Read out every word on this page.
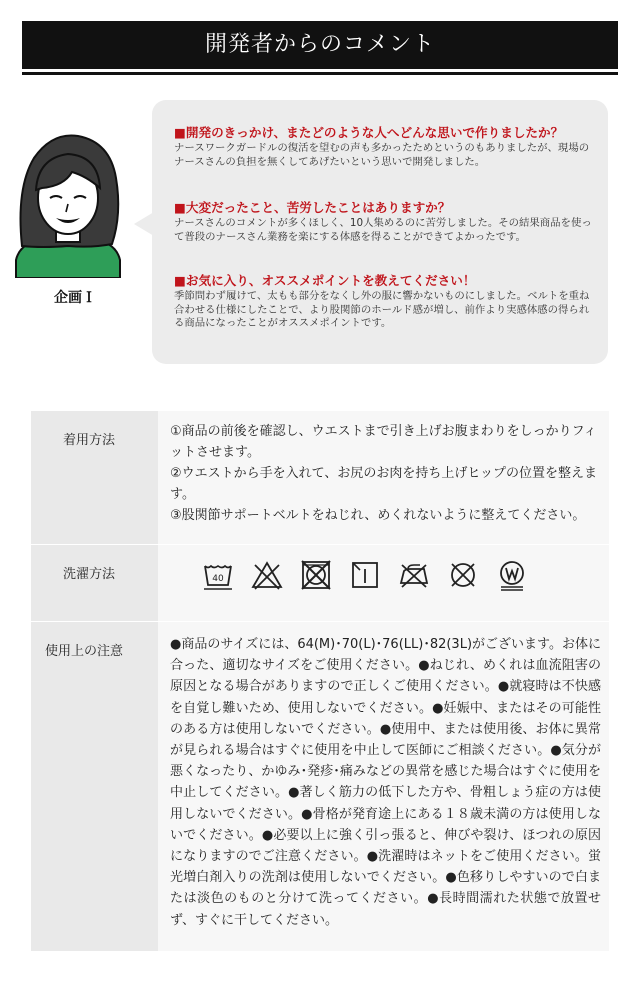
開発者からのコメント
企画Ｉ
■開発のきっかけ、またどのような人へどんな思いで作りましたか？
ナースワークガードルの復活を望むの声も多かったためというのもありましたが、現場のナースさんの負担を無くしてあげたいという思いで開発しました。
■大変だったこと、苦労したことはありますか？
ナースさんのコメントが多くほしく、10人集めるのに苦労しました。その結果商品を使って普段のナースさん業務を楽にする体感を得ることができてよかったです。
■お気に入り、オススメポイントを教えてください！
季節問わず履けて、太もも部分をなくし外の服に響かないものにしました。ベルトを重ね合わせる仕様にしたことで、より股関節のホールド感が増し、前作より実感体感の得られる商品になったことがオススメポイントです。
着用方法

①商品の前後を確認し、ウエストまで引き上げお腹まわりをしっかりフィットさせます。

②ウエストから手を入れて、お尻のお肉を持ち上げヒップの位置を整えます。

③股関節サポートベルトをねじれ、めくれないように整えてください。

洗濯方法	40
使用上の注意	●商品のサイズには、64(M)･70(L)･76(LL)･82(3L)がございます。お体に合った、適切なサイズをご使用ください。●ねじれ、めくれは血流阻害の原因となる場合がありますので正しくご使用ください。●就寝時は不快感を自覚し難いため、使用しないでください。●妊娠中、またはその可能性のある方は使用しないでください。●使用中、または使用後、お体に異常が見られる場合はすぐに使用を中止して医師にご相談ください。●気分が悪くなったり、かゆみ･発疹･痛みなどの異常を感じた場合はすぐに使用を中止してください。●著しく筋力の低下した方や、骨粗しょう症の方は使用しないでください。●骨格が発育途上にある１８歳未満の方は使用しないでください。●必要以上に強く引っ張ると、伸びや裂け、ほつれの原因になりますのでご注意ください。●洗濯時はネットをご使用ください。蛍光増白剤入りの洗剤は使用しないでください。●色移りしやすいので白または淡色のものと分けて洗ってください。●長時間濡れた状態で放置せず、すぐに干してください。
